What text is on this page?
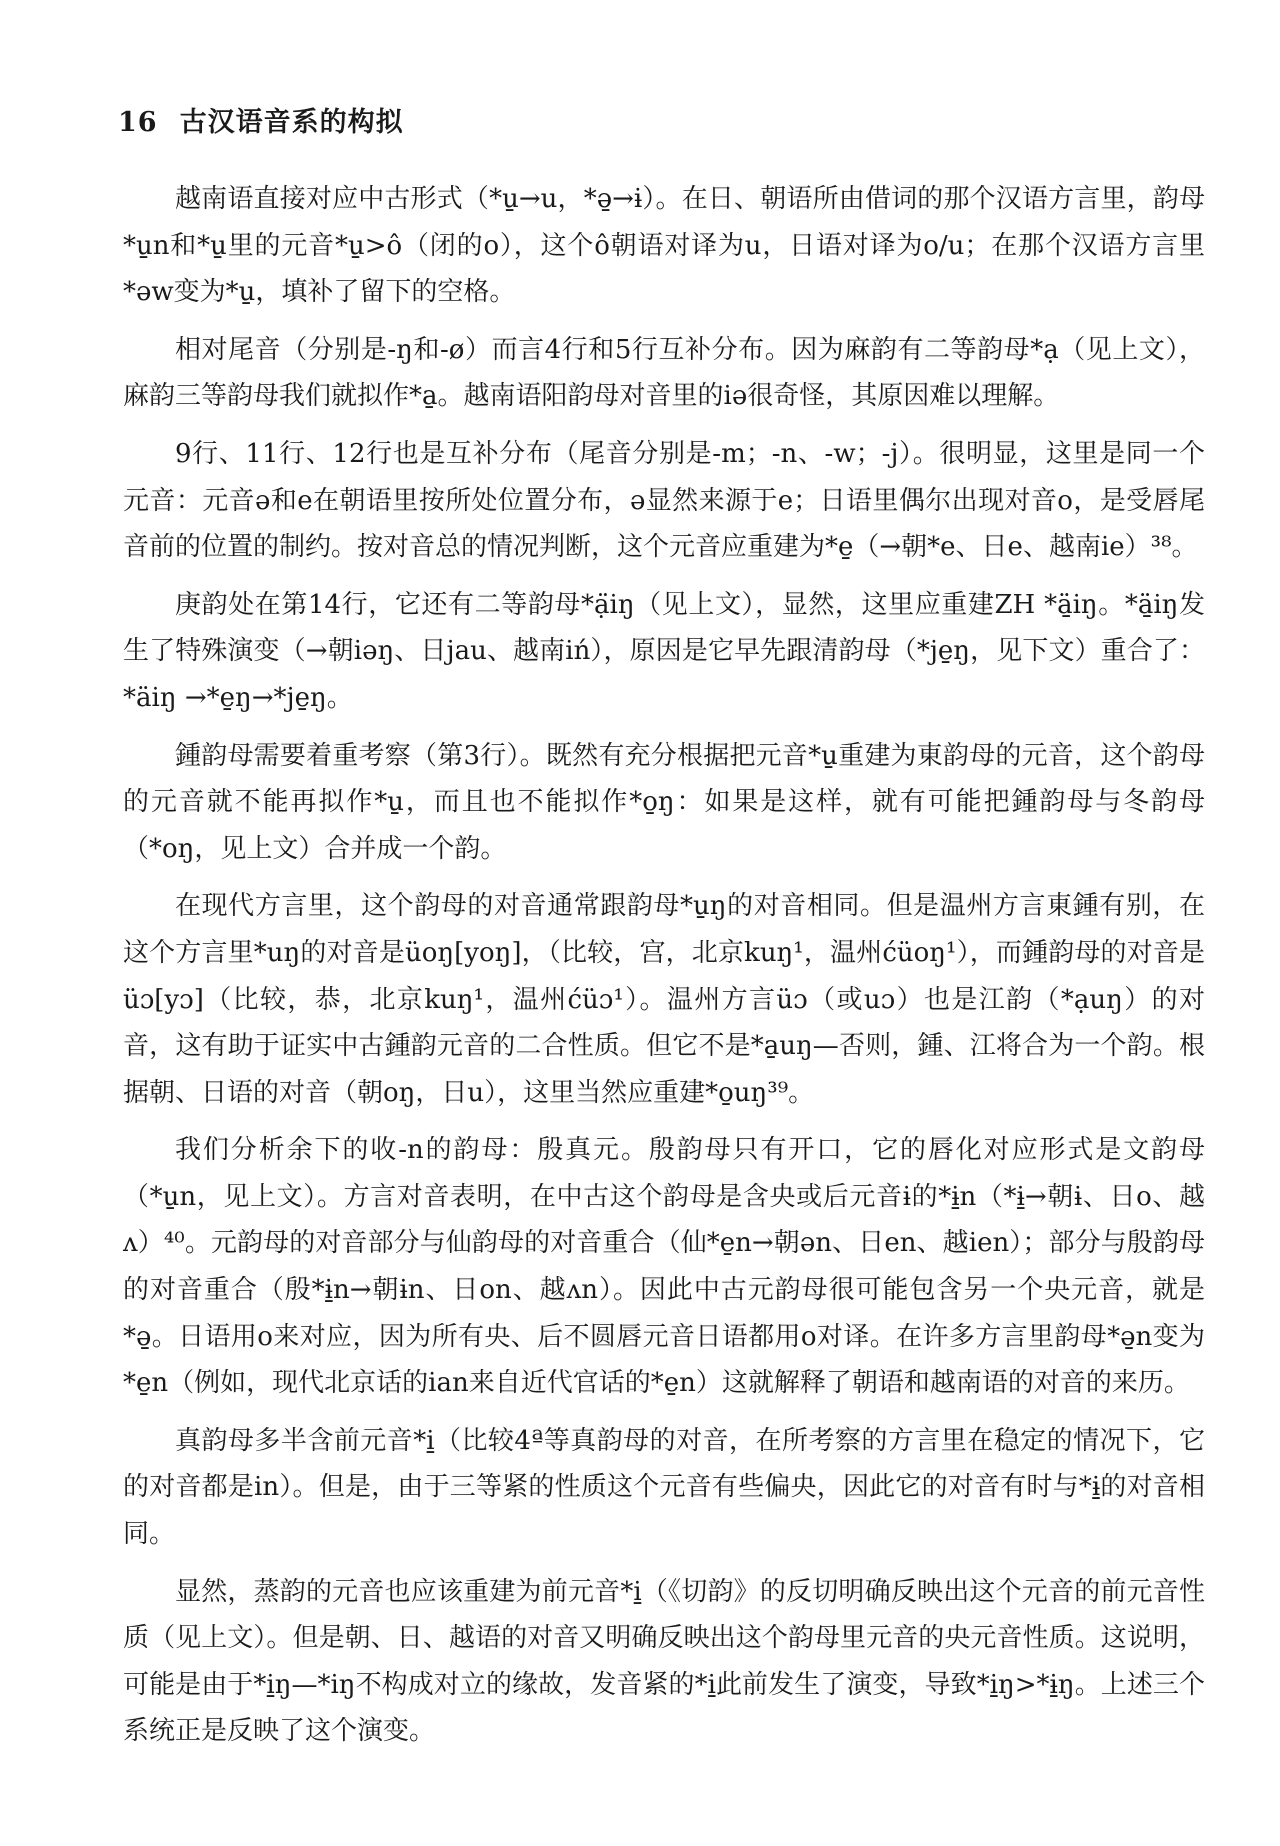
16 古汉语音系的构拟

越南语直接对应中古形式（*u̱→u，*ə̱→ɨ）。在日、朝语所由借词的那个汉语方言里，韵母*u̱n和*u̱里的元音*u̱>ô（闭的o），这个ô朝语对译为u，日语对译为o/u；在那个汉语方言里*əw变为*u̱，填补了留下的空格。

相对尾音（分别是-ŋ和-ø）而言4行和5行互补分布。因为麻韵有二等韵母*ạ（见上文），麻韵三等韵母我们就拟作*a̱。越南语阳韵母对音里的iə很奇怪，其原因难以理解。

9行、11行、12行也是互补分布（尾音分别是-m；-n、-w；-j）。很明显，这里是同一个元音：元音ə和e在朝语里按所处位置分布，ə显然来源于e；日语里偶尔出现对音o，是受唇尾音前的位置的制约。按对音总的情况判断，这个元音应重建为*e̱（→朝*e、日e、越南ie）³⁸。

庚韵处在第14行，它还有二等韵母*ạ̈iŋ（见上文），显然，这里应重建ZH *ä̱iŋ。*ä̱iŋ发生了特殊演变（→朝iəŋ、日jau、越南iń），原因是它早先跟清韵母（*je̱ŋ，见下文）重合了：*äiŋ →*e̱ŋ→*je̱ŋ。

鍾韵母需要着重考察（第3行）。既然有充分根据把元音*u̱重建为東韵母的元音，这个韵母的元音就不能再拟作*u̱，而且也不能拟作*o̱ŋ：如果是这样，就有可能把鍾韵母与冬韵母（*oŋ，见上文）合并成一个韵。

在现代方言里，这个韵母的对音通常跟韵母*u̱ŋ的对音相同。但是温州方言東鍾有别，在这个方言里*uŋ的对音是üoŋ[yoŋ]，（比较，宫，北京kuŋ¹，温州ćüoŋ¹），而鍾韵母的对音是üɔ[yɔ]（比较，恭，北京kuŋ¹，温州ćüɔ¹）。温州方言üɔ（或uɔ）也是江韵（*ạuŋ）的对音，这有助于证实中古鍾韵元音的二合性质。但它不是*a̱uŋ—否则，鍾、江将合为一个韵。根据朝、日语的对音（朝oŋ，日u），这里当然应重建*o̱uŋ³⁹。

我们分析余下的收-n的韵母：殷真元。殷韵母只有开口，它的唇化对应形式是文韵母（*u̱n，见上文）。方言对音表明，在中古这个韵母是含央或后元音ɨ的*ɨ̱n（*ɨ̱→朝ɨ、日o、越ʌ）⁴⁰。元韵母的对音部分与仙韵母的对音重合（仙*e̱n→朝ən、日en、越ien）；部分与殷韵母的对音重合（殷*ɨ̱n→朝ɨn、日on、越ʌn）。因此中古元韵母很可能包含另一个央元音，就是*ə̱。日语用o来对应，因为所有央、后不圆唇元音日语都用o对译。在许多方言里韵母*ə̱n变为*e̱n（例如，现代北京话的ian来自近代官话的*e̱n）这就解释了朝语和越南语的对音的来历。

真韵母多半含前元音*i̱（比较4ª等真韵母的对音，在所考察的方言里在稳定的情况下，它的对音都是in）。但是，由于三等紧的性质这个元音有些偏央，因此它的对音有时与*ɨ̱的对音相同。

显然，蒸韵的元音也应该重建为前元音*i̱（《切韵》的反切明确反映出这个元音的前元音性质（见上文）。但是朝、日、越语的对音又明确反映出这个韵母里元音的央元音性质。这说明，可能是由于*i̱ŋ—*iŋ不构成对立的缘故，发音紧的*i̱此前发生了演变，导致*i̱ŋ>*ɨ̱ŋ。上述三个系统正是反映了这个演变。
